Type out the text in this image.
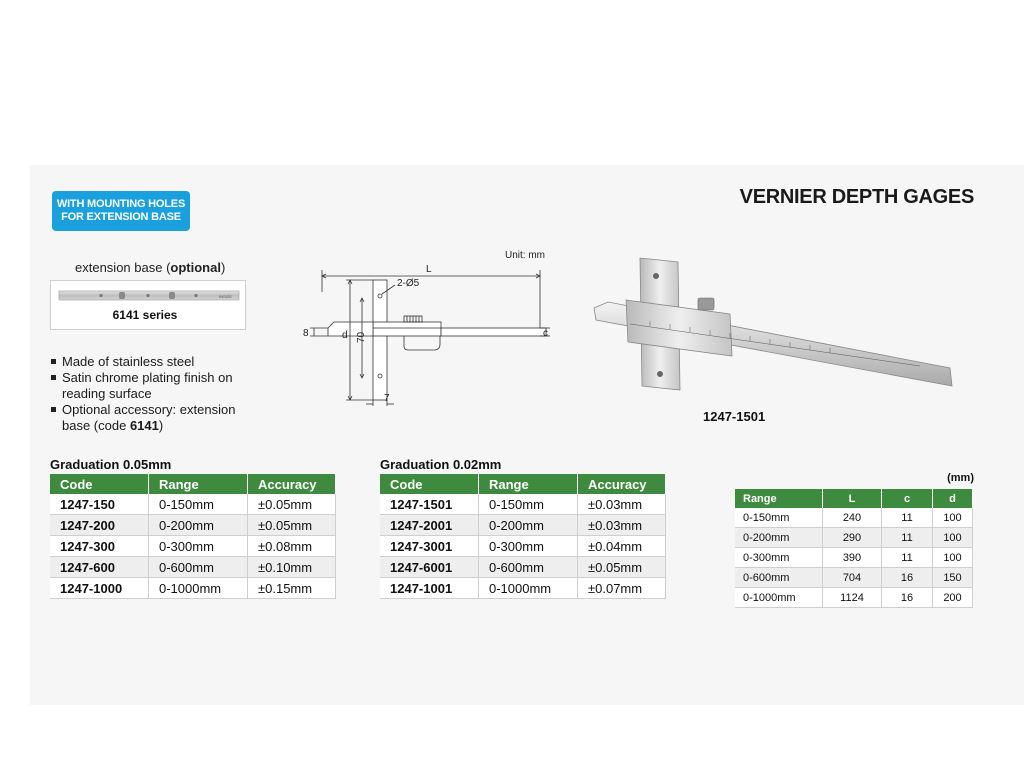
WITH MOUNTING HOLES
FOR EXTENSION BASE
VERNIER DEPTH GAGES
extension base (optional)
INSIZE
6141 series
Made of stainless steel
Satin chrome plating finish on reading surface
Optional accessory: extension base (code 6141)
Unit: mm
L
2-Ø5
8	d 70	c
7
1247-1501
Graduation 0.05mm
Code	Range	Accuracy
1247-150	0-150mm	±0.05mm
1247-200	0-200mm	±0.05mm
1247-300	0-300mm	±0.08mm
1247-600	0-600mm	±0.10mm
1247-1000	0-1000mm	±0.15mm
Graduation 0.02mm
Code	Range	Accuracy
1247-1501	0-150mm	±0.03mm
1247-2001	0-200mm	±0.03mm
1247-3001	0-300mm	±0.04mm
1247-6001	0-600mm	±0.05mm
1247-1001	0-1000mm	±0.07mm
(mm)
Range	L	c	d
0-150mm	240	11	100
0-200mm	290	11	100
0-300mm	390	11	100
0-600mm	704	16	150
0-1000mm	1124	16	200
